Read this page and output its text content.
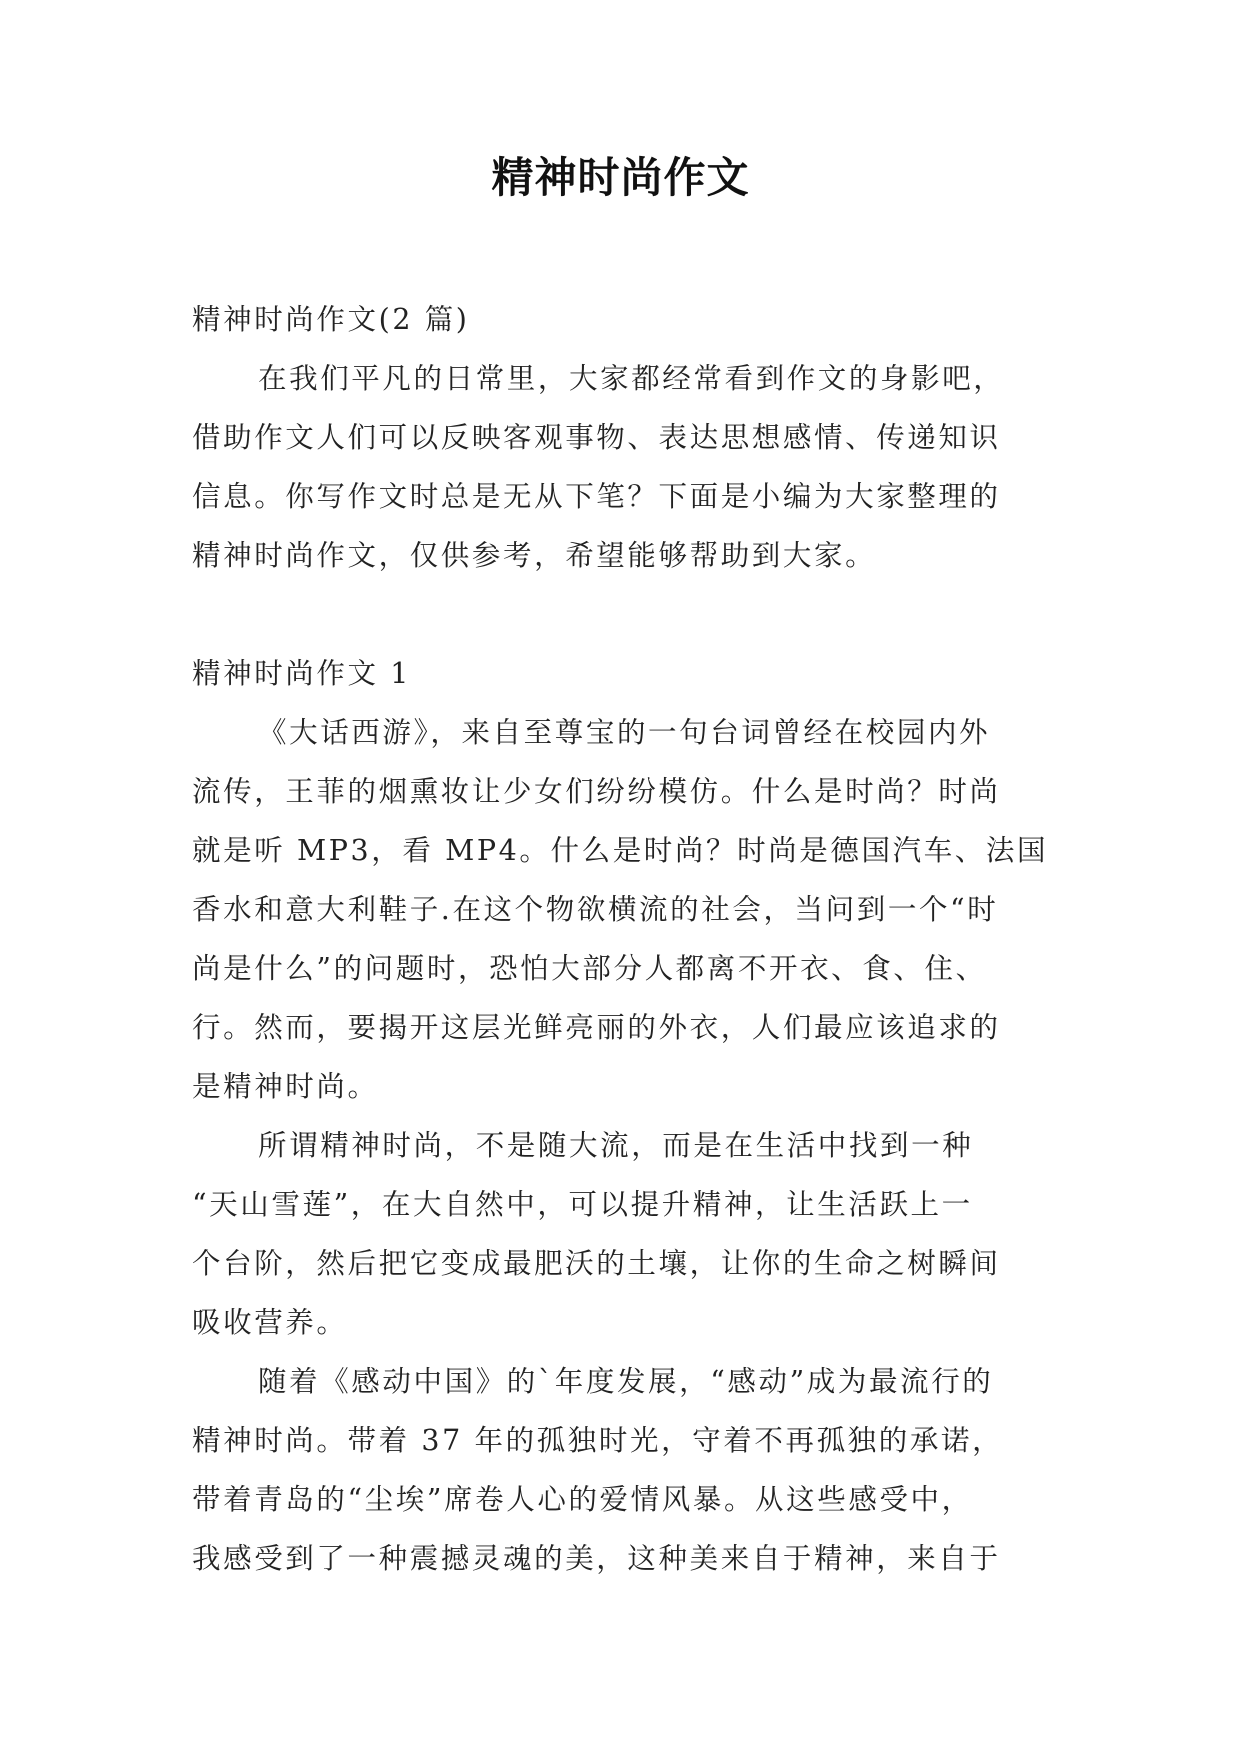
精神时尚作文
精神时尚作文(2 篇)
在我们平凡的日常里，大家都经常看到作文的身影吧，
借助作文人们可以反映客观事物、表达思想感情、传递知识
信息。你写作文时总是无从下笔？下面是小编为大家整理的
精神时尚作文，仅供参考，希望能够帮助到大家。
精神时尚作文 1
《大话西游》，来自至尊宝的一句台词曾经在校园内外
流传，王菲的烟熏妆让少女们纷纷模仿。什么是时尚？时尚
就是听 MP3，看 MP4。什么是时尚？时尚是德国汽车、法国
香水和意大利鞋子.在这个物欲横流的社会，当问到一个“时
尚是什么”的问题时，恐怕大部分人都离不开衣、食、住、
行。然而，要揭开这层光鲜亮丽的外衣，人们最应该追求的
是精神时尚。
所谓精神时尚，不是随大流，而是在生活中找到一种
“天山雪莲”，在大自然中，可以提升精神，让生活跃上一
个台阶，然后把它变成最肥沃的土壤，让你的生命之树瞬间
吸收营养。
随着《感动中国》的`年度发展，“感动”成为最流行的
精神时尚。带着 37 年的孤独时光，守着不再孤独的承诺，
带着青岛的“尘埃”席卷人心的爱情风暴。从这些感受中，
我感受到了一种震撼灵魂的美，这种美来自于精神，来自于
